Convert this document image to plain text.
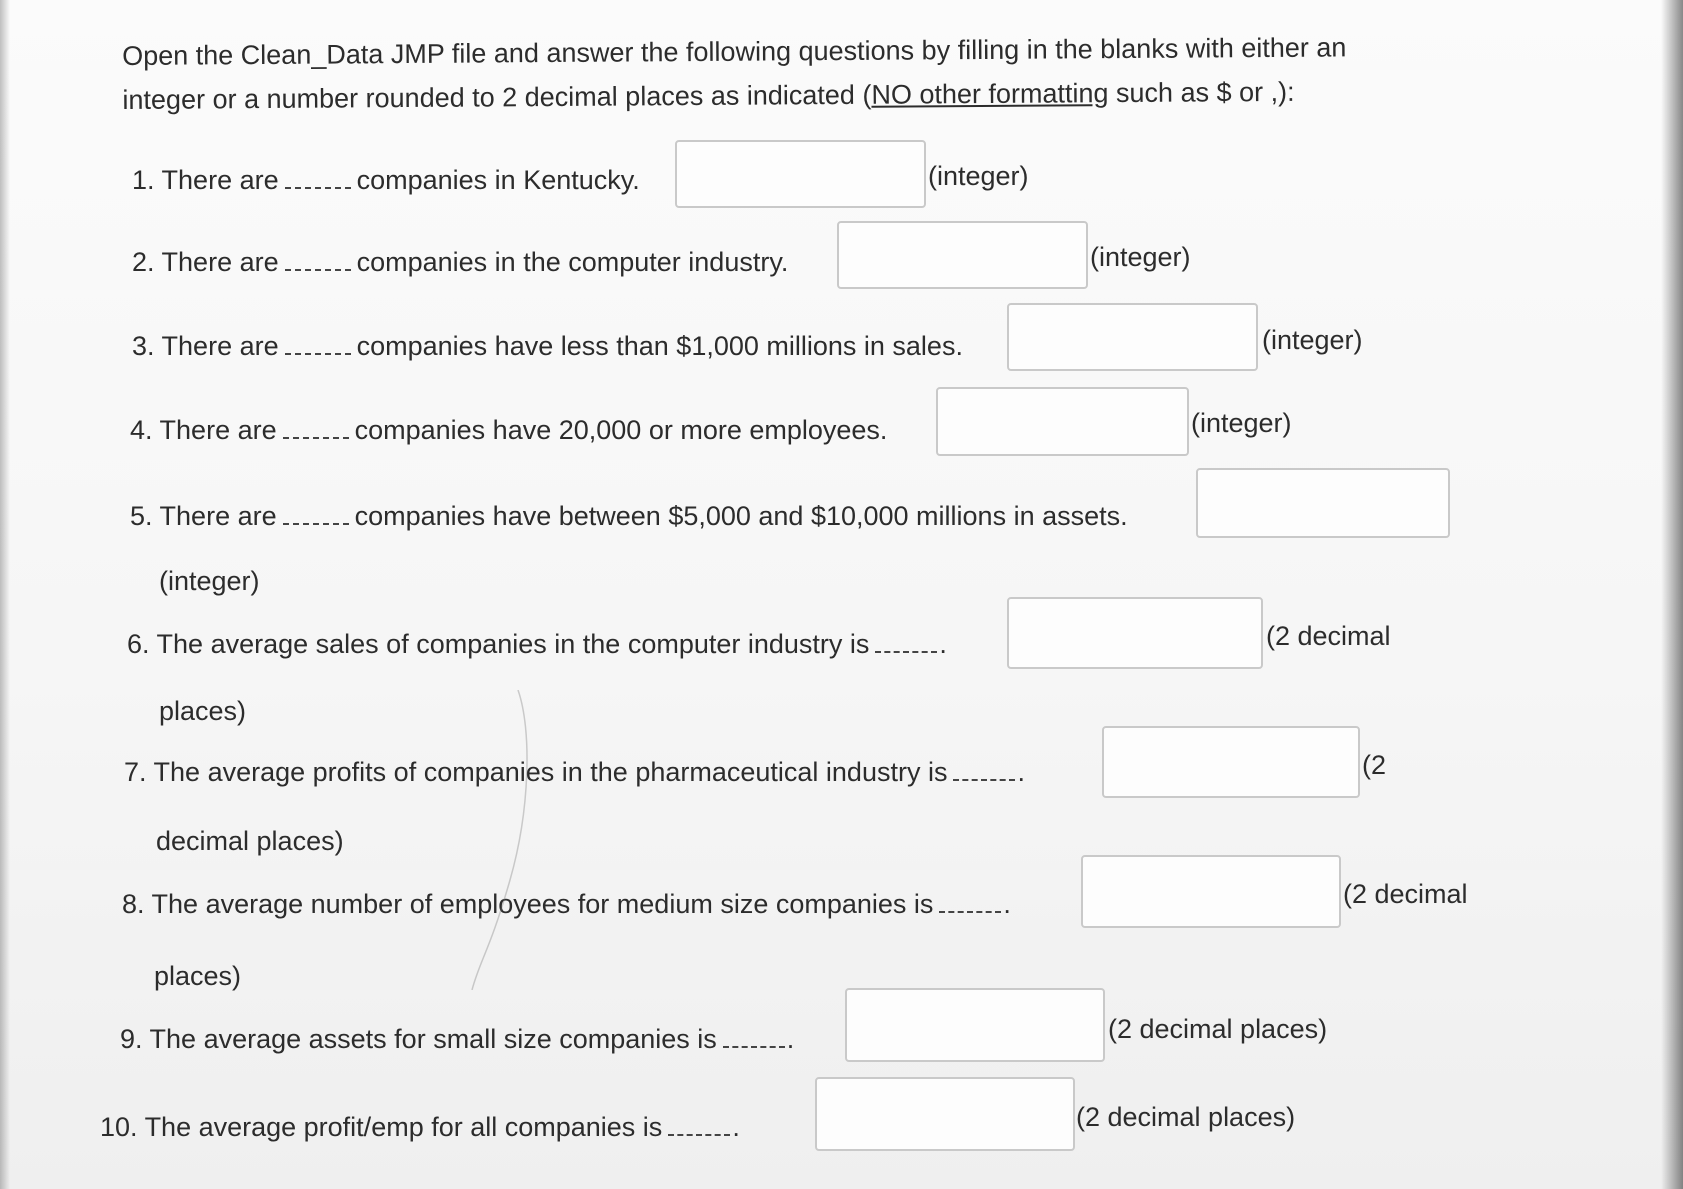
Open the Clean_Data JMP file and answer the following questions by filling in the blanks with either an integer or a number rounded to 2 decimal places as indicated (NO other formatting such as $ or ,):
1. There are	companies in Kentucky.	(integer)
2. There are	companies in the computer industry.	(integer)
3. There are	companies have less than $1,000 millions in sales.	(integer)
4. There are	companies have 20,000 or more employees.	(integer)
5. There are	companies have between $5,000 and $10,000 millions in assets.
(integer)
6. The average sales of companies in the computer industry is	.	(2 decimal
places)
7. The average profits of companies in the pharmaceutical industry is	.	(2
decimal places)
8. The average number of employees for medium size companies is	.	(2 decimal
places)
9. The average assets for small size companies is	.	(2 decimal places)
10. The average profit/emp for all companies is	.	(2 decimal places)
